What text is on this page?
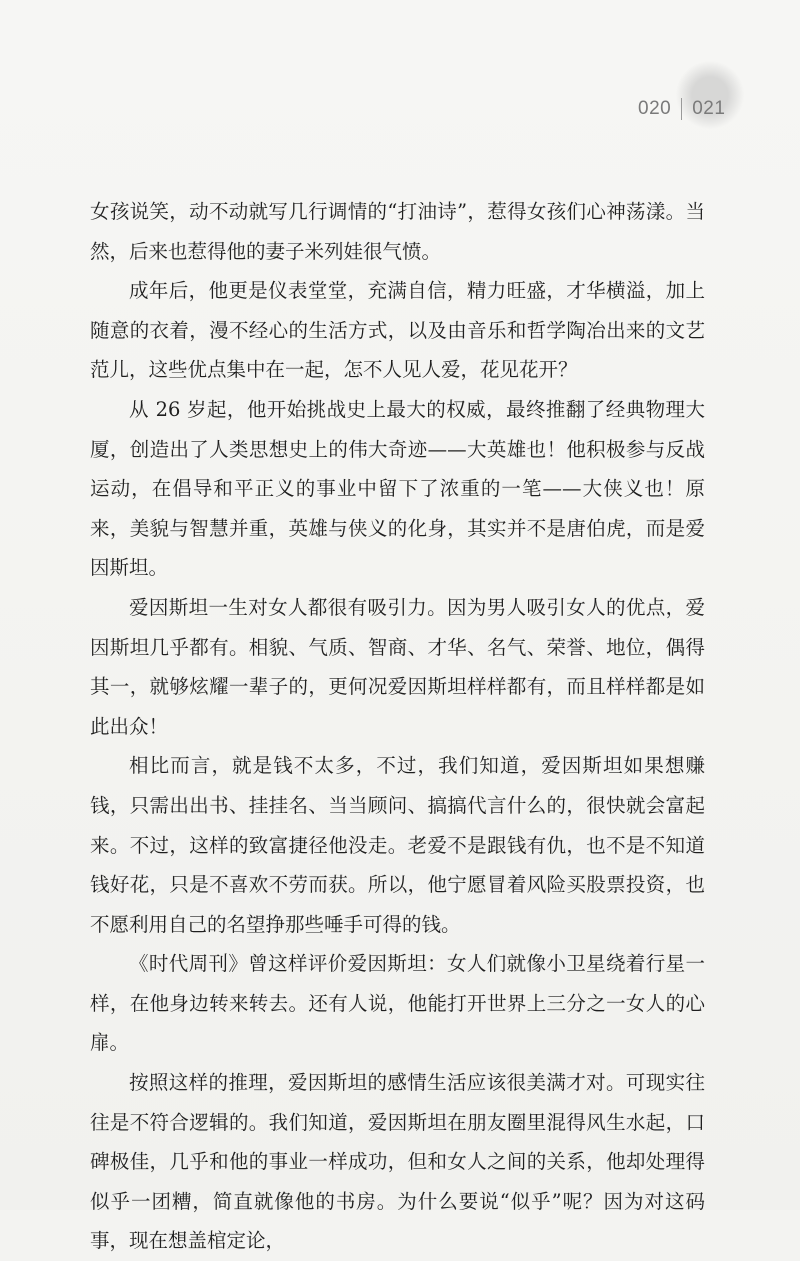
020 021

女孩说笑，动不动就写几行调情的“打油诗”，惹得女孩们心神荡漾。当然，后来也惹得他的妻子米列娃很气愤。

成年后，他更是仪表堂堂，充满自信，精力旺盛，才华横溢，加上随意的衣着，漫不经心的生活方式，以及由音乐和哲学陶冶出来的文艺范儿，这些优点集中在一起，怎不人见人爱，花见花开？

从 26 岁起，他开始挑战史上最大的权威，最终推翻了经典物理大厦，创造出了人类思想史上的伟大奇迹——大英雄也！他积极参与反战运动，在倡导和平正义的事业中留下了浓重的一笔——大侠义也！原来，美貌与智慧并重，英雄与侠义的化身，其实并不是唐伯虎，而是爱因斯坦。

爱因斯坦一生对女人都很有吸引力。因为男人吸引女人的优点，爱因斯坦几乎都有。相貌、气质、智商、才华、名气、荣誉、地位，偶得其一，就够炫耀一辈子的，更何况爱因斯坦样样都有，而且样样都是如此出众！

相比而言，就是钱不太多，不过，我们知道，爱因斯坦如果想赚钱，只需出出书、挂挂名、当当顾问、搞搞代言什么的，很快就会富起来。不过，这样的致富捷径他没走。老爱不是跟钱有仇，也不是不知道钱好花，只是不喜欢不劳而获。所以，他宁愿冒着风险买股票投资，也不愿利用自己的名望挣那些唾手可得的钱。

《时代周刊》曾这样评价爱因斯坦：女人们就像小卫星绕着行星一样，在他身边转来转去。还有人说，他能打开世界上三分之一女人的心扉。

按照这样的推理，爱因斯坦的感情生活应该很美满才对。可现实往往是不符合逻辑的。我们知道，爱因斯坦在朋友圈里混得风生水起，口碑极佳，几乎和他的事业一样成功，但和女人之间的关系，他却处理得似乎一团糟，简直就像他的书房。为什么要说“似乎”呢？因为对这码事，现在想盖棺定论，
